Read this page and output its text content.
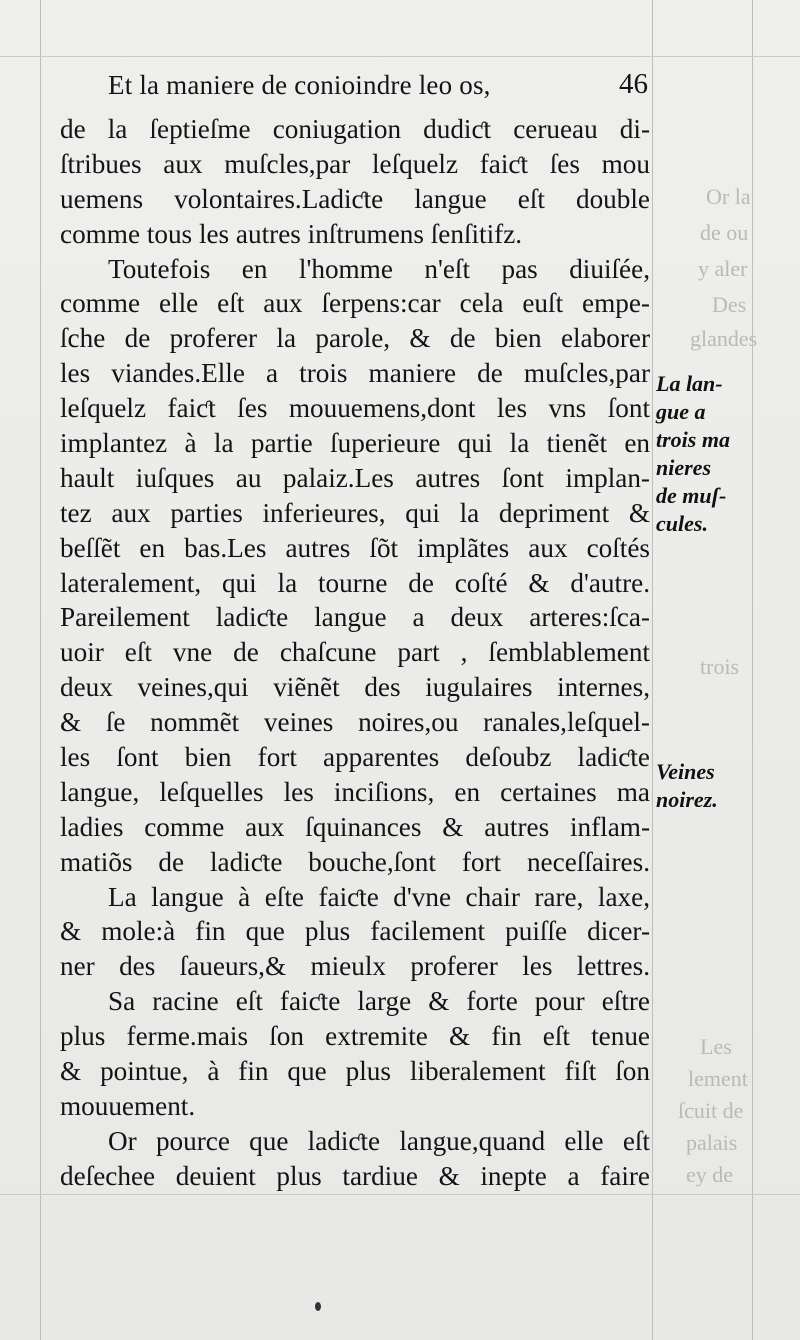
Or la
de ou
y aler
Des
glandes
trois
Les
lement
ſcuit de
palais
ey de
Et la maniere de conioindre leo os,	46
de la ſeptieſme coniugation dudiƈt cerueau di-
ſtribues aux muſcles,par leſquelz faiƈt ſes mou
uemens volontaires.Ladiƈte langue eſt double
comme tous les autres inſtrumens ſenſitifz.
Toutefois en l'homme n'eſt pas diuiſée,
comme elle eſt aux ſerpens:car cela euſt empe-
ſche de proferer la parole, & de bien elaborer
les viandes.Elle a trois maniere de muſcles,par
leſquelz faiƈt ſes mouuemens,dont les vns ſont
implantez à la partie ſuperieure qui la tienẽt en
hault iuſques au palaiz.Les autres ſont implan-
tez aux parties inferieures, qui la depriment &
beſſẽt en bas.Les autres ſõt implãtes aux coſtés
lateralement, qui la tourne de coſté & d'autre.
Pareilement ladiƈte langue a deux arteres:ſca-
uoir eſt vne de chaſcune part , ſemblablement
deux veines,qui viẽnẽt des iugulaires internes,
& ſe nommẽt veines noires,ou ranales,leſquel-
les ſont bien fort apparentes deſoubz ladiƈte
langue, leſquelles les inciſions, en certaines ma
ladies comme aux ſquinances & autres inflam-
matiõs de ladiƈte bouche,ſont fort neceſſaires.
La langue à eſte faiƈte d'vne chair rare, laxe,
& mole:à fin que plus facilement puiſſe dicer-
ner des ſaueurs,& mieulx proferer les lettres.
Sa racine eſt faiƈte large & forte pour eſtre
plus ferme.mais ſon extremite & fin eſt tenue
& pointue, à fin que plus liberalement fiſt ſon
mouuement.
Or pource que ladiƈte langue,quand elle eſt
deſechee deuient plus tardiue & inepte a faire
La lan-
gue a
trois ma
nieres
de muſ-
cules.
Veines
noirez.
